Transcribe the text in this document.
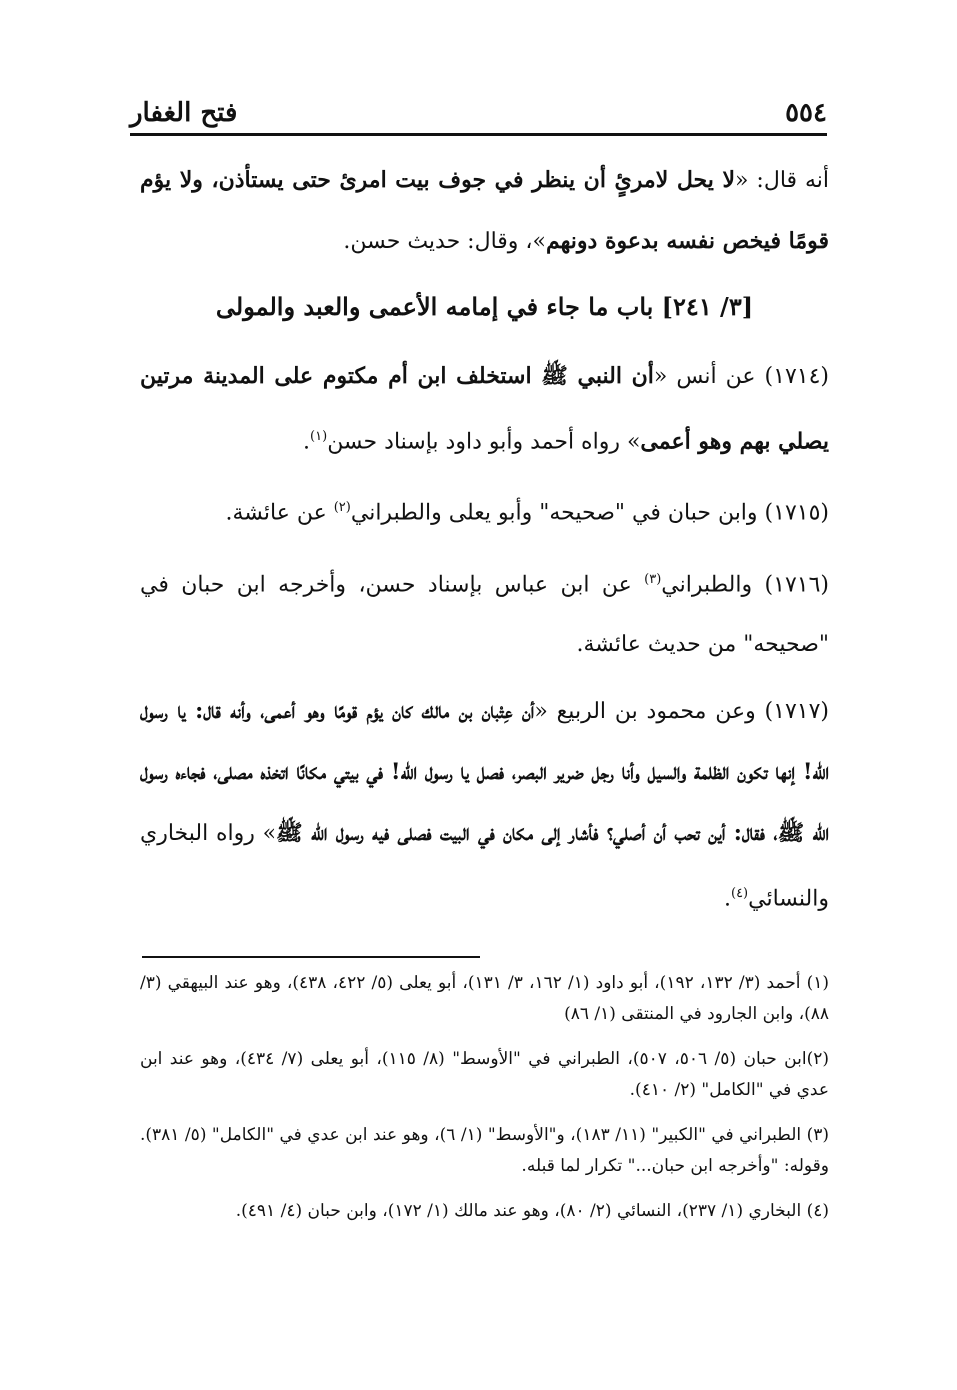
٥٥٤
فتح الغفار

أنه قال: «لا يحل لامرئٍ أن ينظر في جوف بيت امرئ حتى يستأذن، ولا يؤم قومًا فيخص نفسه بدعوة دونهم»، وقال: حديث حسن.

[٣/ ٢٤١] باب ما جاء في إمامه الأعمى والعبد والمولى

(١٧١٤) عن أنس «أن النبي ﷺ استخلف ابن أم مكتوم على المدينة مرتين يصلي بهم وهو أعمى» رواه أحمد وأبو داود بإسناد حسن$^{(١)}$.

(١٧١٥) وابن حبان في "صحيحه" وأبو يعلى والطبراني$^{(٢)}$ عن عائشة.

(١٧١٦) والطبراني$^{(٣)}$ عن ابن عباس بإسناد حسن، وأخرجه ابن حبان في "صحيحه" من حديث عائشة.

(١٧١٧) وعن محمود بن الربيع «أن عِتْبان بن مالك كان يؤم قومًا وهو أعمى، وأنه قال: يا رسول الله! إنها تكون الظلمة والسيل وأنا رجل ضرير البصر، فصل يا رسول الله! في بيتي مكانًا اتخذه مصلى، فجاءه رسول الله ﷺ، فقال: أين تحب أن أصلي؟ فأشار إلى مكان في البيت فصلى فيه رسول الله ﷺ» رواه البخاري والنسائي$^{(٤)}$.

(١) أحمد (٣/ ١٣٢، ١٩٢)، أبو داود (١/ ١٦٢، ٣/ ١٣١)، أبو يعلى (٥/ ٤٢٢، ٤٣٨)، وهو عند البيهقي (٣/ ٨٨)، وابن الجارود في المنتقى (١/ ٨٦)

(٢)ابن حبان (٥/ ٥٠٦، ٥٠٧)، الطبراني في "الأوسط" (٨/ ١١٥)، أبو يعلى (٧/ ٤٣٤)، وهو عند ابن عدي في "الكامل" (٢/ ٤١٠).

(٣) الطبراني في "الكبير" (١١/ ١٨٣)، و"الأوسط" (١/ ٦)، وهو عند ابن عدي في "الكامل" (٥/ ٣٨١). وقوله: "وأخرجه ابن حبان..." تكرار لما قبله.

(٤) البخاري (١/ ٢٣٧)، النسائي (٢/ ٨٠)، وهو عند مالك (١/ ١٧٢)، وابن حبان (٤/ ٤٩١).
